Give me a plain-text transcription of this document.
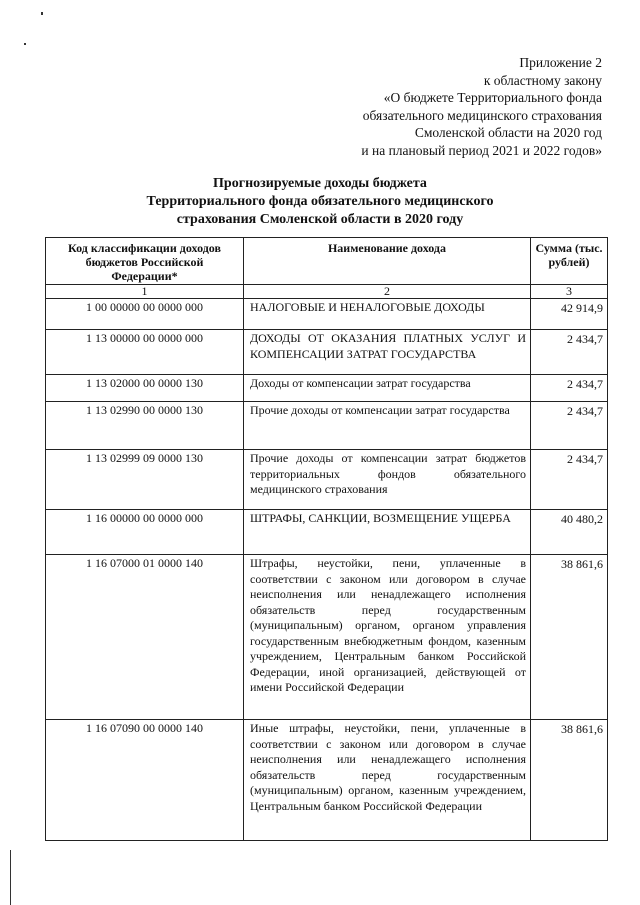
Приложение 2
к областному закону
«О бюджете Территориального фонда
обязательного медицинского страхования
Смоленской области на 2020 год
и на плановый период 2021 и 2022 годов»
Прогнозируемые доходы бюджета
Территориального фонда обязательного медицинского
страхования Смоленской области в 2020 году
Код классификации доходов бюджетов Российской Федерации*	Наименование дохода	Сумма (тыс. рублей)
1	2	3
1 00 00000 00 0000 000	НАЛОГОВЫЕ И НЕНАЛОГОВЫЕ ДОХОДЫ	42 914,9
1 13 00000 00 0000 000	ДОХОДЫ ОТ ОКАЗАНИЯ ПЛАТНЫХ УСЛУГ И КОМПЕНСАЦИИ ЗАТРАТ ГОСУДАРСТВА	2 434,7
1 13 02000 00 0000 130	Доходы от компенсации затрат государства	2 434,7
1 13 02990 00 0000 130	Прочие доходы от компенсации затрат государства	2 434,7
1 13 02999 09 0000 130	Прочие доходы от компенсации затрат бюджетов территориальных фондов обязательного медицинского страхования	2 434,7
1 16 00000 00 0000 000	ШТРАФЫ, САНКЦИИ, ВОЗМЕЩЕНИЕ УЩЕРБА	40 480,2
1 16 07000 01 0000 140	Штрафы, неустойки, пени, уплаченные в соответствии с законом или договором в случае неисполнения или ненадлежащего исполнения обязательств перед государственным (муниципальным) органом, органом управления государственным внебюджетным фондом, казенным учреждением, Центральным банком Российской Федерации, иной организацией, действующей от имени Российской Федерации	38 861,6
1 16 07090 00 0000 140	Иные штрафы, неустойки, пени, уплаченные в соответствии с законом или договором в случае неисполнения или ненадлежащего исполнения обязательств перед государственным (муниципальным) органом, казенным учреждением, Центральным банком Российской Федерации	38 861,6
